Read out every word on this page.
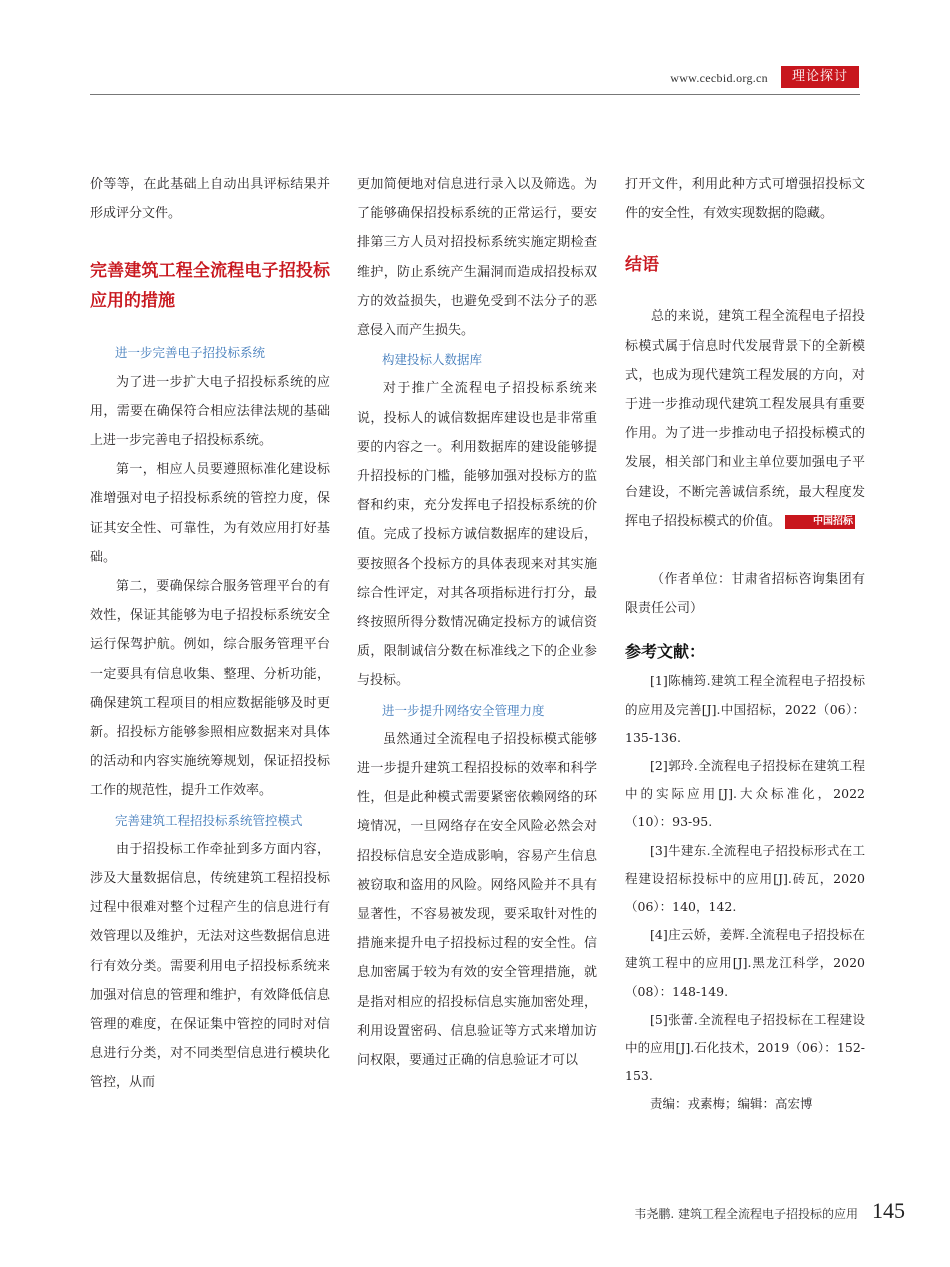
www.cecbid.org.cn	理论探讨

价等等，在此基础上自动出具评标结果并形成评分文件。

完善建筑工程全流程电子招投标应用的措施

进一步完善电子招投标系统

为了进一步扩大电子招投标系统的应用，需要在确保符合相应法律法规的基础上进一步完善电子招投标系统。

第一，相应人员要遵照标准化建设标准增强对电子招投标系统的管控力度，保证其安全性、可靠性，为有效应用打好基础。

第二，要确保综合服务管理平台的有效性，保证其能够为电子招投标系统安全运行保驾护航。例如，综合服务管理平台一定要具有信息收集、整理、分析功能，确保建筑工程项目的相应数据能够及时更新。招投标方能够参照相应数据来对具体的活动和内容实施统筹规划，保证招投标工作的规范性，提升工作效率。

完善建筑工程招投标系统管控模式

由于招投标工作牵扯到多方面内容，涉及大量数据信息，传统建筑工程招投标过程中很难对整个过程产生的信息进行有效管理以及维护，无法对这些数据信息进行有效分类。需要利用电子招投标系统来加强对信息的管理和维护，有效降低信息管理的难度，在保证集中管控的同时对信息进行分类，对不同类型信息进行模块化管控，从而

更加简便地对信息进行录入以及筛选。为了能够确保招投标系统的正常运行，要安排第三方人员对招投标系统实施定期检查维护，防止系统产生漏洞而造成招投标双方的效益损失，也避免受到不法分子的恶意侵入而产生损失。

构建投标人数据库

对于推广全流程电子招投标系统来说，投标人的诚信数据库建设也是非常重要的内容之一。利用数据库的建设能够提升招投标的门槛，能够加强对投标方的监督和约束，充分发挥电子招投标系统的价值。完成了投标方诚信数据库的建设后，要按照各个投标方的具体表现来对其实施综合性评定，对其各项指标进行打分，最终按照所得分数情况确定投标方的诚信资质，限制诚信分数在标准线之下的企业参与投标。

进一步提升网络安全管理力度

虽然通过全流程电子招投标模式能够进一步提升建筑工程招投标的效率和科学性，但是此种模式需要紧密依赖网络的环境情况，一旦网络存在安全风险必然会对招投标信息安全造成影响，容易产生信息被窃取和盗用的风险。网络风险并不具有显著性，不容易被发现，要采取针对性的措施来提升电子招投标过程的安全性。信息加密属于较为有效的安全管理措施，就是指对相应的招投标信息实施加密处理，利用设置密码、信息验证等方式来增加访问权限，要通过正确的信息验证才可以

打开文件，利用此种方式可增强招投标文件的安全性，有效实现数据的隐藏。

结语

总的来说，建筑工程全流程电子招投标模式属于信息时代发展背景下的全新模式，也成为现代建筑工程发展的方向，对于进一步推动现代建筑工程发展具有重要作用。为了进一步推动电子招投标模式的发展，相关部门和业主单位要加强电子平台建设，不断完善诚信系统，最大程度发挥电子招投标模式的价值。	中国招标

（作者单位：甘肃省招标咨询集团有限责任公司）

参考文献：

[1]陈楠筠.建筑工程全流程电子招投标的应用及完善[J].中国招标，2022（06）：135-136.

[2]郭玲.全流程电子招投标在建筑工程中的实际应用[J].大众标准化，2022（10）：93-95.

[3]牛建东.全流程电子招投标形式在工程建设招标投标中的应用[J].砖瓦，2020（06）：140，142.

[4]庄云娇，姜辉.全流程电子招投标在建筑工程中的应用[J].黑龙江科学，2020（08）：148-149.

[5]张蕾.全流程电子招投标在工程建设中的应用[J].石化技术，2019（06）：152-153.

责编：戎素梅；编辑：高宏博

韦尧鹏. 建筑工程全流程电子招投标的应用 145
